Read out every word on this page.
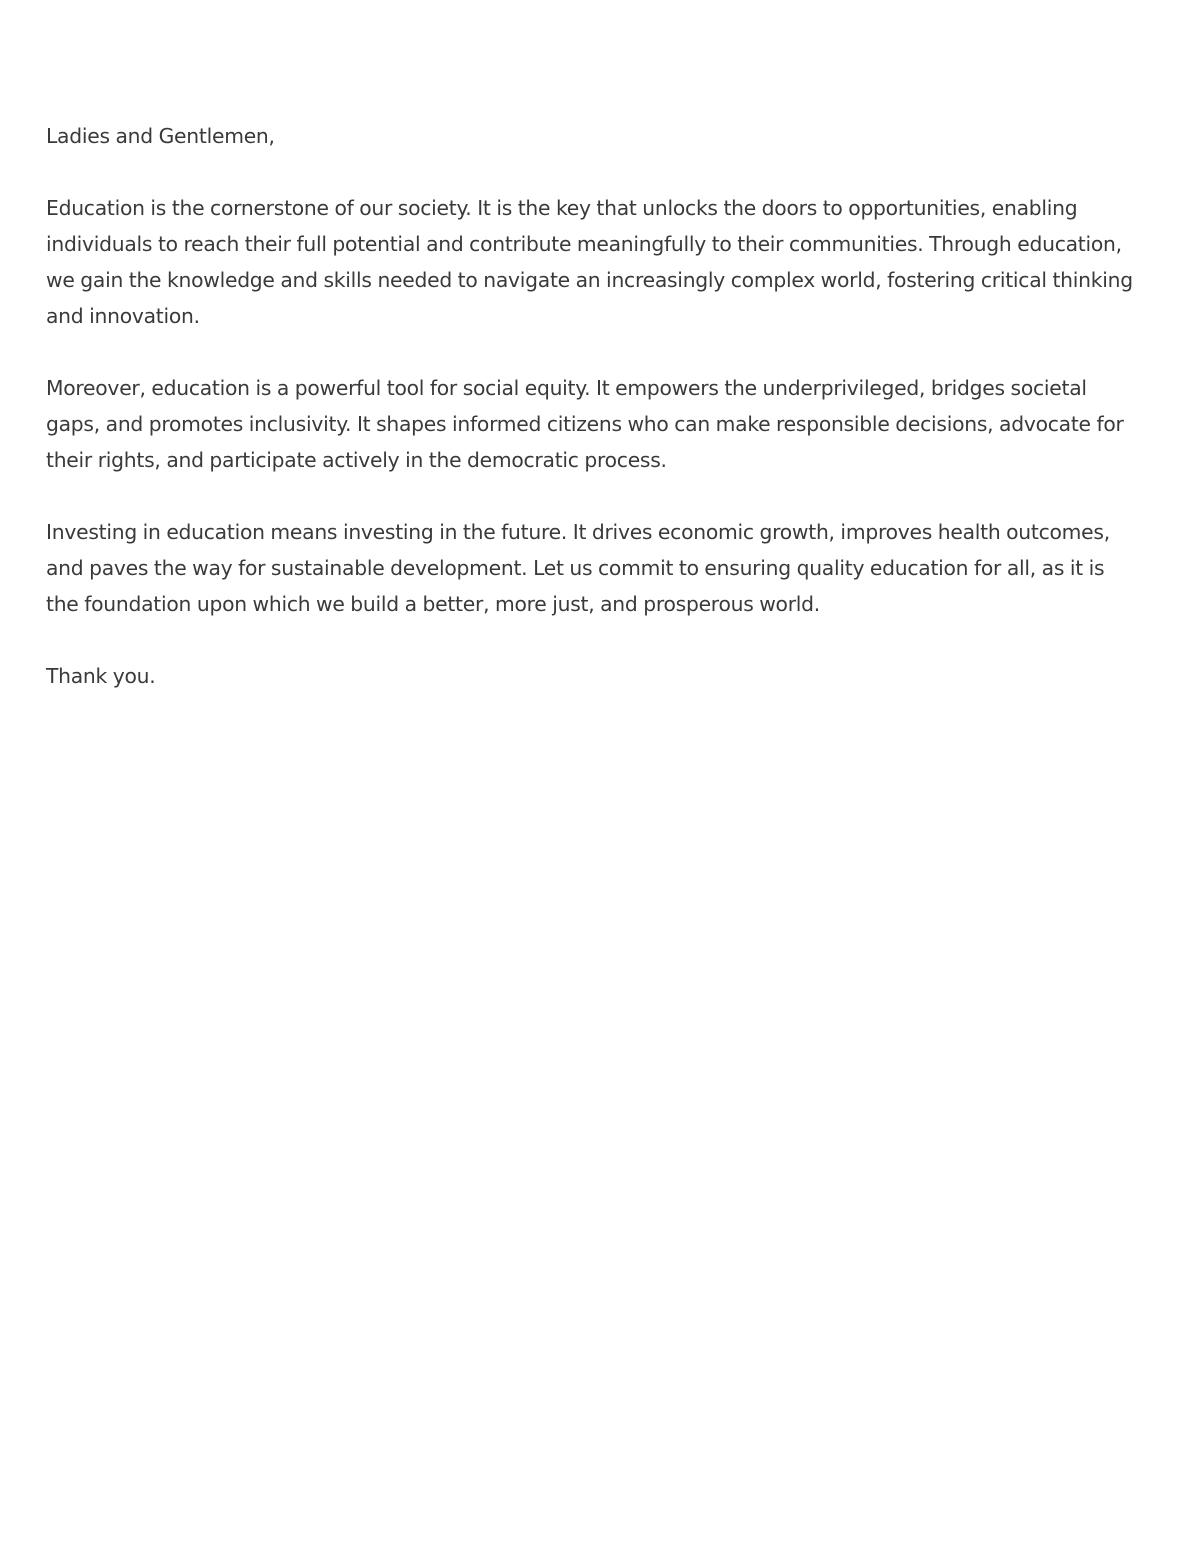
Ladies and Gentlemen,

Education is the cornerstone of our society. It is the key that unlocks the doors to opportunities, enabling individuals to reach their full potential and contribute meaningfully to their communities. Through education, we gain the knowledge and skills needed to navigate an increasingly complex world, fostering critical thinking and innovation.

Moreover, education is a powerful tool for social equity. It empowers the underprivileged, bridges societal gaps, and promotes inclusivity. It shapes informed citizens who can make responsible decisions, advocate for their rights, and participate actively in the democratic process.

Investing in education means investing in the future. It drives economic growth, improves health outcomes, and paves the way for sustainable development. Let us commit to ensuring quality education for all, as it is the foundation upon which we build a better, more just, and prosperous world.

Thank you.
